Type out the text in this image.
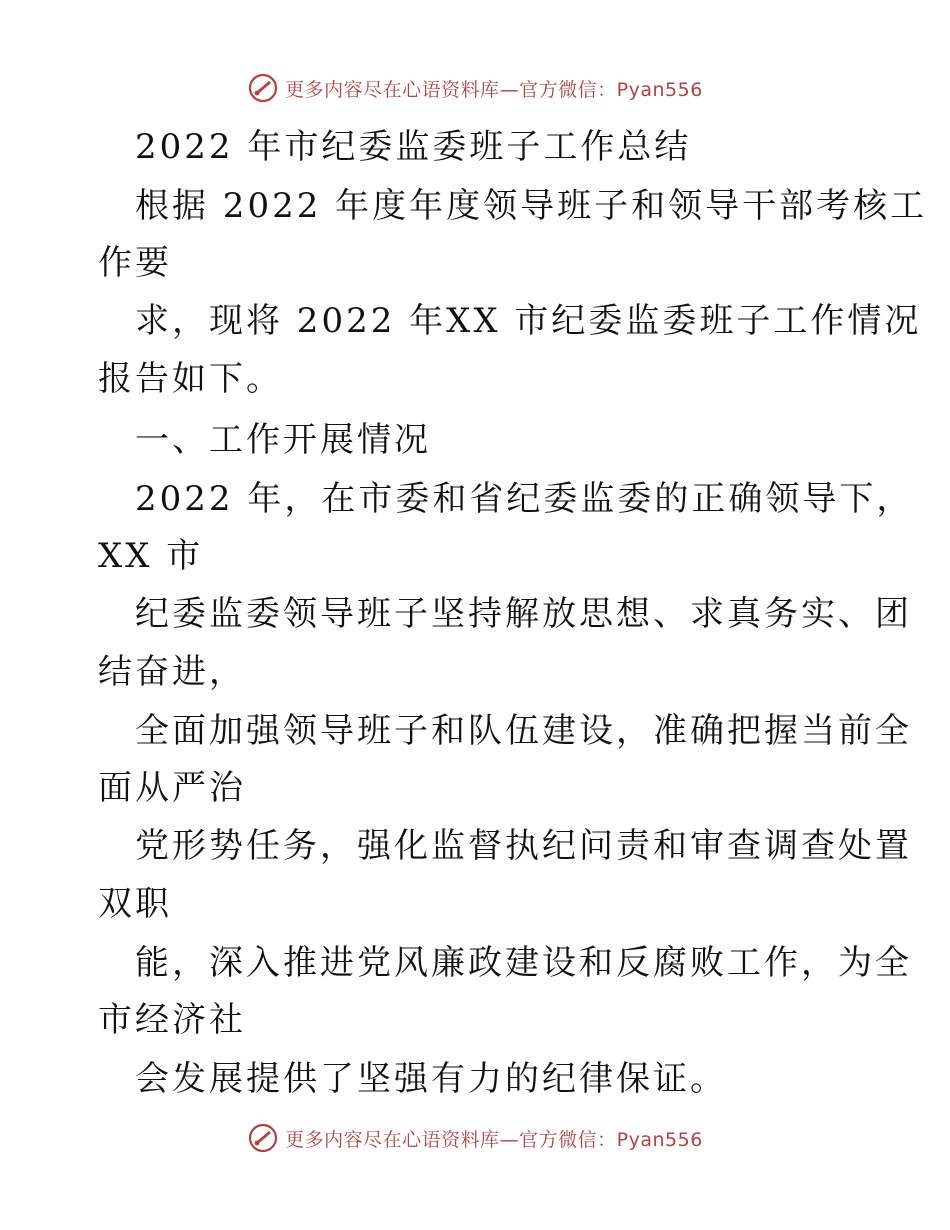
更多内容尽在心语资料库—官方微信：Pyan556
2022 年市纪委监委班子工作总结
根据 2022 年度年度领导班子和领导干部考核工
作要
求，现将 2022 年XX 市纪委监委班子工作情况
报告如下。
一、工作开展情况
2022 年，在市委和省纪委监委的正确领导下，
XX 市
纪委监委领导班子坚持解放思想、求真务实、团
结奋进，
全面加强领导班子和队伍建设，准确把握当前全
面从严治
党形势任务，强化监督执纪问责和审查调查处置
双职
能，深入推进党风廉政建设和反腐败工作，为全
市经济社
会发展提供了坚强有力的纪律保证。
更多内容尽在心语资料库—官方微信：Pyan556
